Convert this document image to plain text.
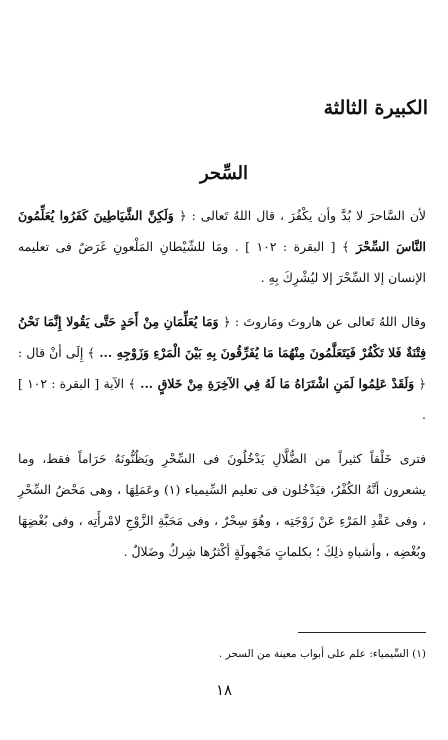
الكبيرة الثالثة
السِّحر

لأن السَّاحرَ لا بُدَّ وأن يكْفُرَ ، قال اللهُ تَعالى : ﴿ وَلَكِنَّ الشَّيَاطِينَ كَفَرُوا يُعَلِّمُونَ النَّاسَ السِّحْرَ ﴾ [ البقرة : ١٠٢ ] . ومَا للشّيْطانِ المَلْعونِ غَرَضٌ فى تعليمه الإنسان إلا السِّحْرَ إلا ليُشْرِكَ بِهِ .

وقال اللهُ تَعالى عن هاروتَ ومَاروتَ : ﴿ وَمَا يُعَلِّمَانِ مِنْ أَحَدٍ حَتَّى يَقُولا إِنَّمَا نَحْنُ فِتْنَةٌ فَلا تَكْفُرْ فَيَتَعَلَّمُونَ مِنْهُمَا مَا يُفَرِّقُونَ بِهِ بَيْنَ الْمَرْءِ وَزَوْجِهِ ... ﴾ إِلَى أنْ قال : ﴿ وَلَقَدْ عَلِمُوا لَمَنِ اشْتَرَاهُ مَا لَهُ فِي الآخِرَةِ مِنْ خَلاقٍ ... ﴾ الآية [ البقرة : ١٠٢ ] .

فترى خَلْقاً كثيراً من الضُّلَّالِ يَدْخُلُونَ فى السِّحْرِ ويَظُنُّونَهُ حَرَاماً فقط، وما يشعرون أنَّهُ الكُفْرُ، فيَدْخُلون فى تعليم السِّيمياء (١) وعَمَلِهَا ، وهى مَحْضُ السِّحْرِ ، وفى عَقْدِ المَرْءِ عَنْ زَوْجَتِه ، وهُوَ سِحْرٌ ، وفى مَحَبَّةِ الزَّوْجِ لامْرأَتِه ، وفى بُغْضِهَا وبُغْضِه ، وأشباهِ ذلِكَ ؛ بكلماتٍ مَجْهولَةٍ أكْثرُها شِركٌ وضَلالٌ .

(١) السِّيمياء: علم على أبواب معينة من السحر .

١٨
